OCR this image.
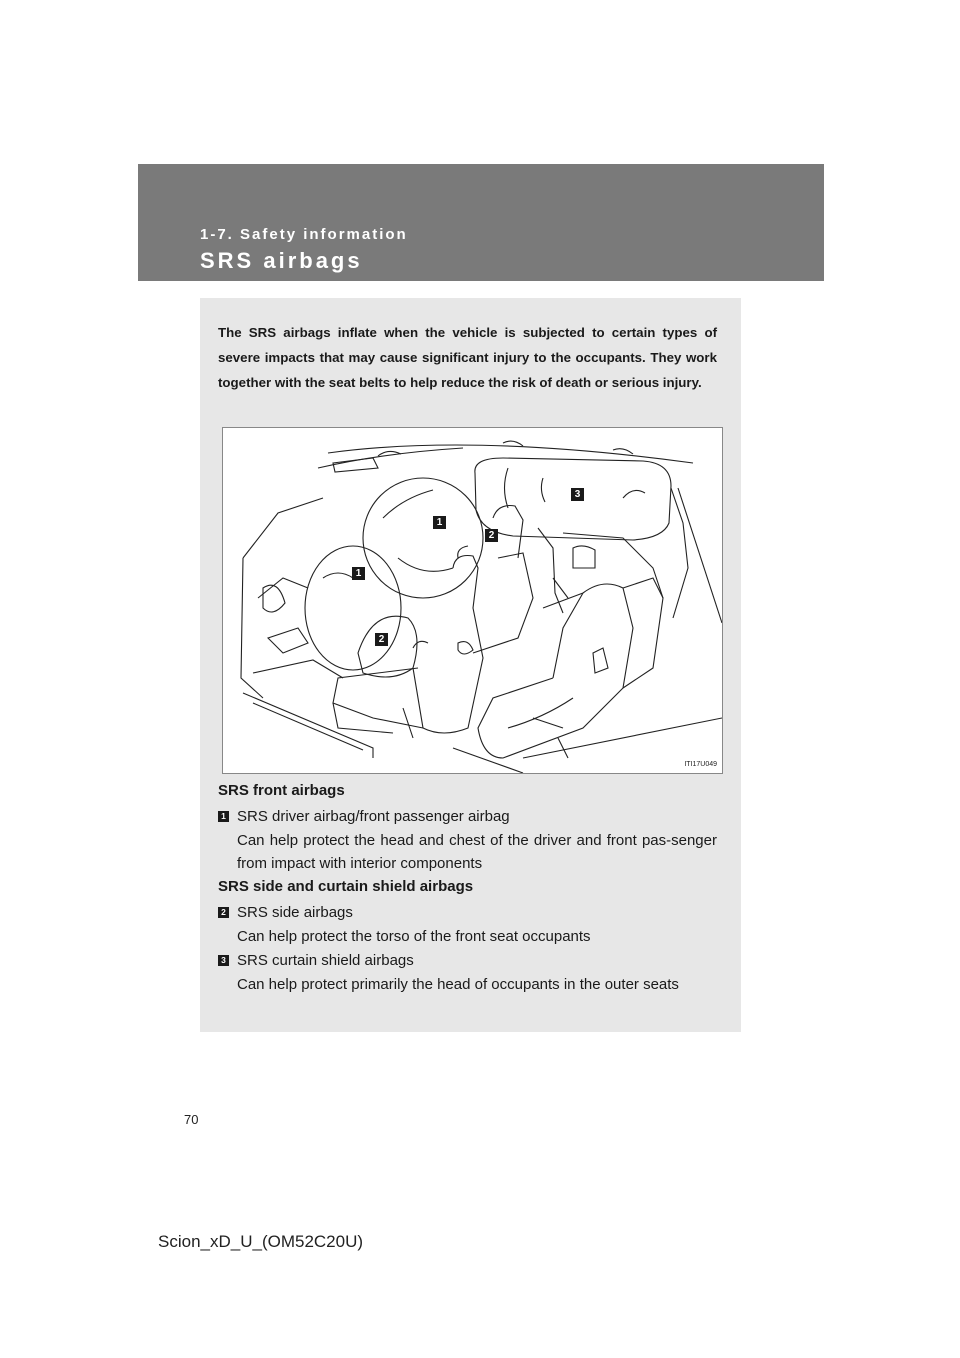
1-7. Safety information
SRS airbags
The SRS airbags inflate when the vehicle is subjected to certain types of severe impacts that may cause significant injury to the occupants. They work together with the seat belts to help reduce the risk of death or serious injury.
1
1
2
2
3
ITI17U049
SRS front airbags
1 SRS driver airbag/front passenger airbag
Can help protect the head and chest of the driver and front pas-senger from impact with interior components
SRS side and curtain shield airbags
2 SRS side airbags
Can help protect the torso of the front seat occupants
3 SRS curtain shield airbags
Can help protect primarily the head of occupants in the outer seats
70
Scion_xD_U_(OM52C20U)
